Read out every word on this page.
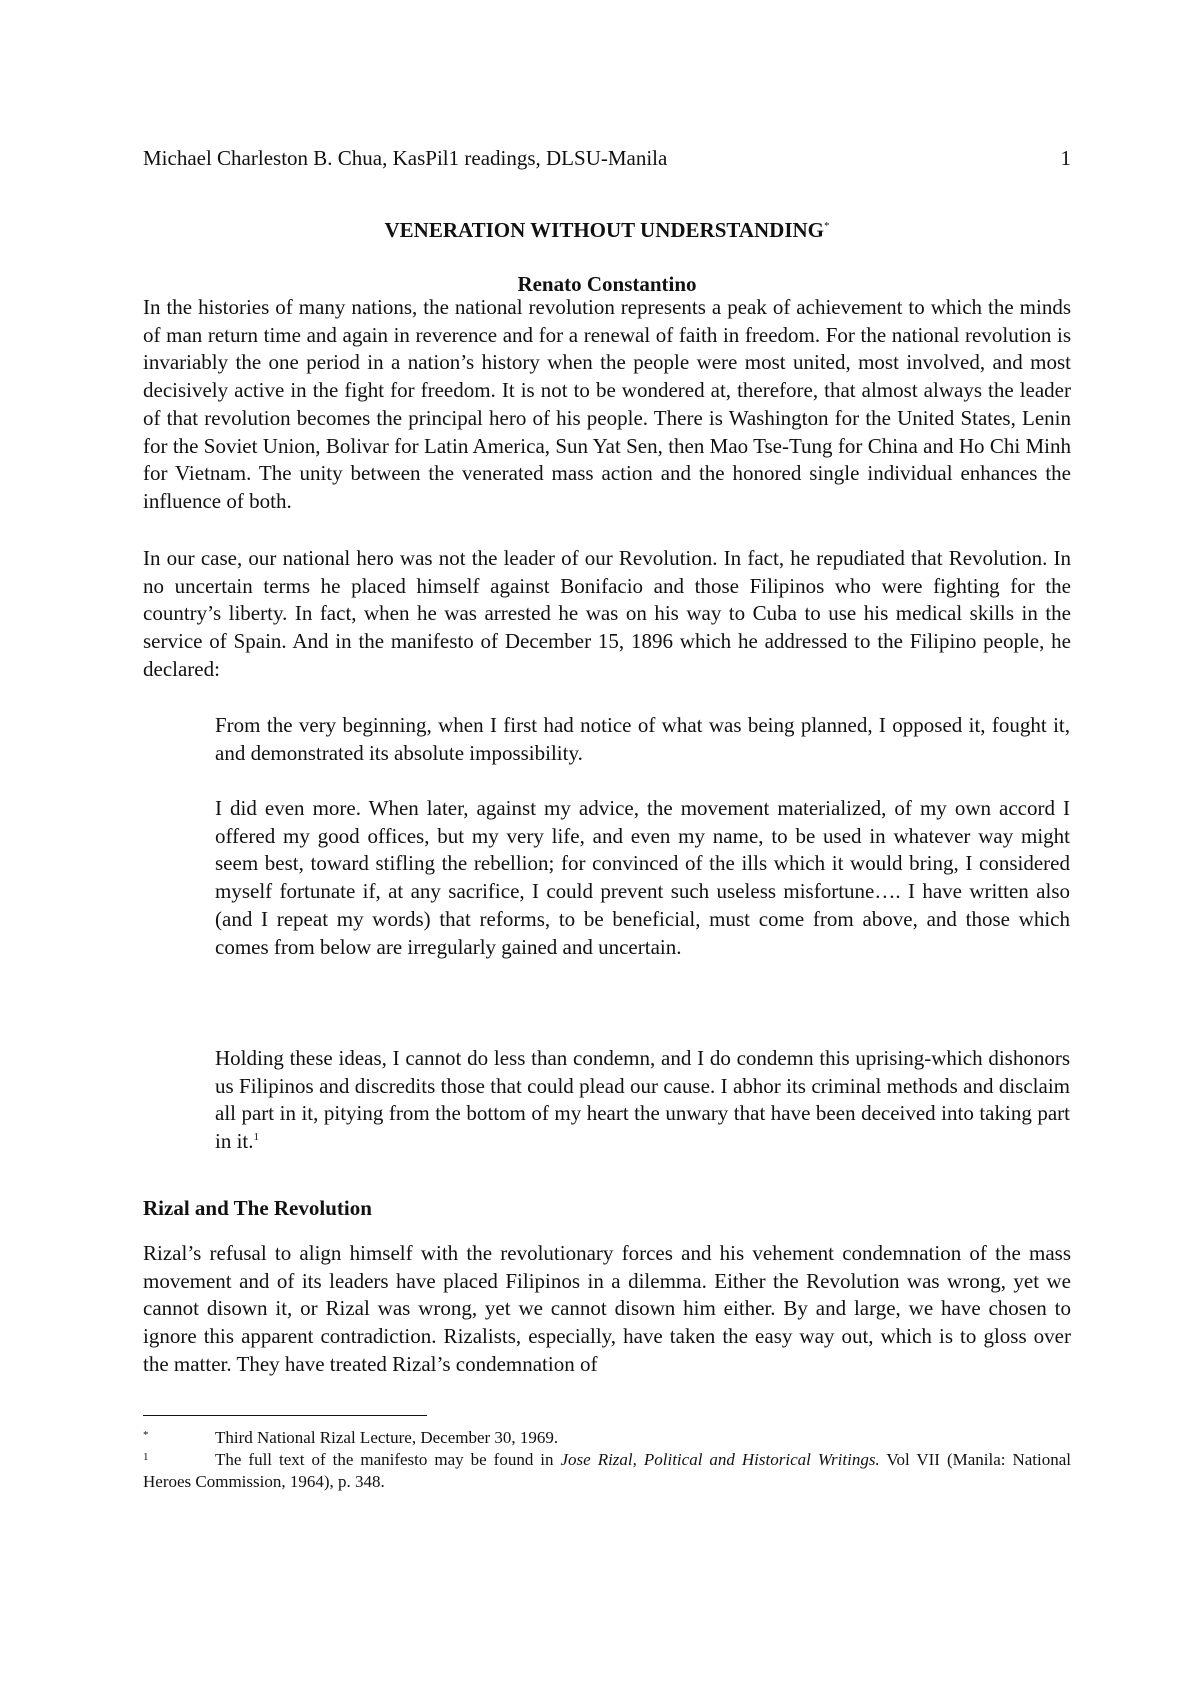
Michael Charleston B. Chua, KasPil1 readings, DLSU-Manila	1
VENERATION WITHOUT UNDERSTANDING*
Renato Constantino

In the histories of many nations, the national revolution represents a peak of achievement to which the minds of man return time and again in reverence and for a renewal of faith in freedom. For the national revolution is invariably the one period in a nation’s history when the people were most united, most involved, and most decisively active in the fight for freedom. It is not to be wondered at, therefore, that almost always the leader of that revolution becomes the principal hero of his people. There is Washington for the United States, Lenin for the Soviet Union, Bolivar for Latin America, Sun Yat Sen, then Mao Tse-Tung for China and Ho Chi Minh for Vietnam. The unity between the venerated mass action and the honored single individual enhances the influence of both.

In our case, our national hero was not the leader of our Revolution. In fact, he repudiated that Revolution. In no uncertain terms he placed himself against Bonifacio and those Filipinos who were fighting for the country’s liberty. In fact, when he was arrested he was on his way to Cuba to use his medical skills in the service of Spain. And in the manifesto of December 15, 1896 which he addressed to the Filipino people, he declared:

From the very beginning, when I first had notice of what was being planned, I opposed it, fought it, and demonstrated its absolute impossibility.

I did even more. When later, against my advice, the movement materialized, of my own accord I offered my good offices, but my very life, and even my name, to be used in whatever way might seem best, toward stifling the rebellion; for convinced of the ills which it would bring, I considered myself fortunate if, at any sacrifice, I could prevent such useless misfortune…. I have written also (and I repeat my words) that reforms, to be beneficial, must come from above, and those which comes from below are irregularly gained and uncertain.

Holding these ideas, I cannot do less than condemn, and I do condemn this uprising-which dishonors us Filipinos and discredits those that could plead our cause. I abhor its criminal methods and disclaim all part in it, pitying from the bottom of my heart the unwary that have been deceived into taking part in it.$^1$

Rizal and The Revolution

Rizal’s refusal to align himself with the revolutionary forces and his vehement condemnation of the mass movement and of its leaders have placed Filipinos in a dilemma. Either the Revolution was wrong, yet we cannot disown it, or Rizal was wrong, yet we cannot disown him either. By and large, we have chosen to ignore this apparent contradiction. Rizalists, especially, have taken the easy way out, which is to gloss over the matter. They have treated Rizal’s condemnation of

*	Third National Rizal Lecture, December 30, 1969.

1	The full text of the manifesto may be found in Jose Rizal, Political and Historical Writings. Vol VII (Manila: National Heroes Commission, 1964), p. 348.
